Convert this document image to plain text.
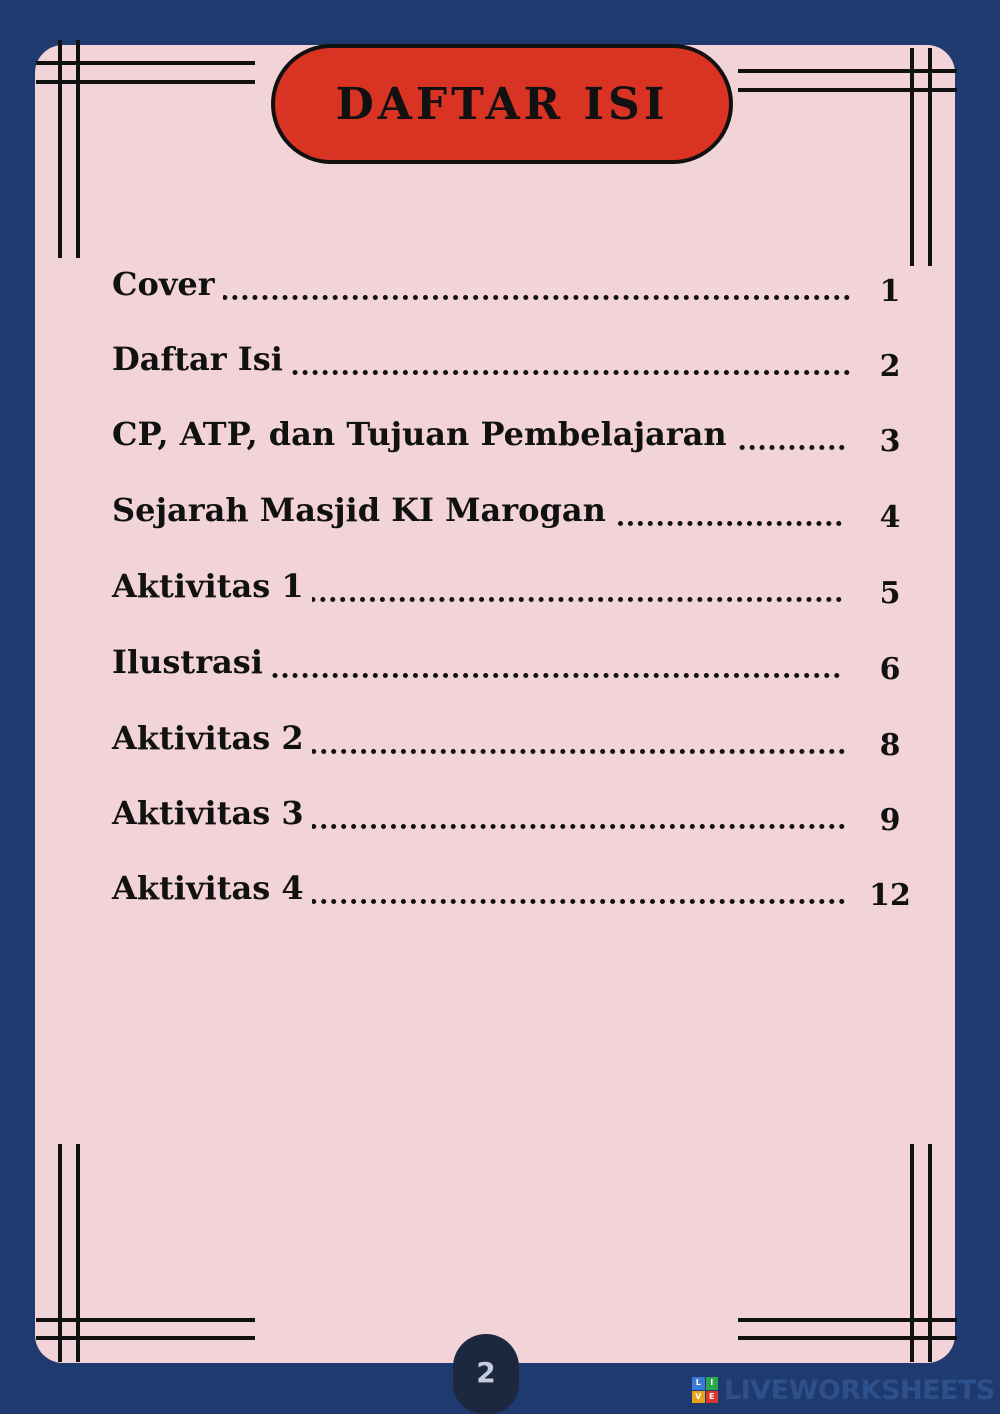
DAFTAR ISI
Cover	1
Daftar Isi	2
CP, ATP, dan Tujuan Pembelajaran	3
Sejarah Masjid KI Marogan	4
Aktivitas 1	5
Ilustrasi	6
Aktivitas 2	8
Aktivitas 3	9
Aktivitas 4	12
2	L	I
V E LIVEWORKSHEETS
